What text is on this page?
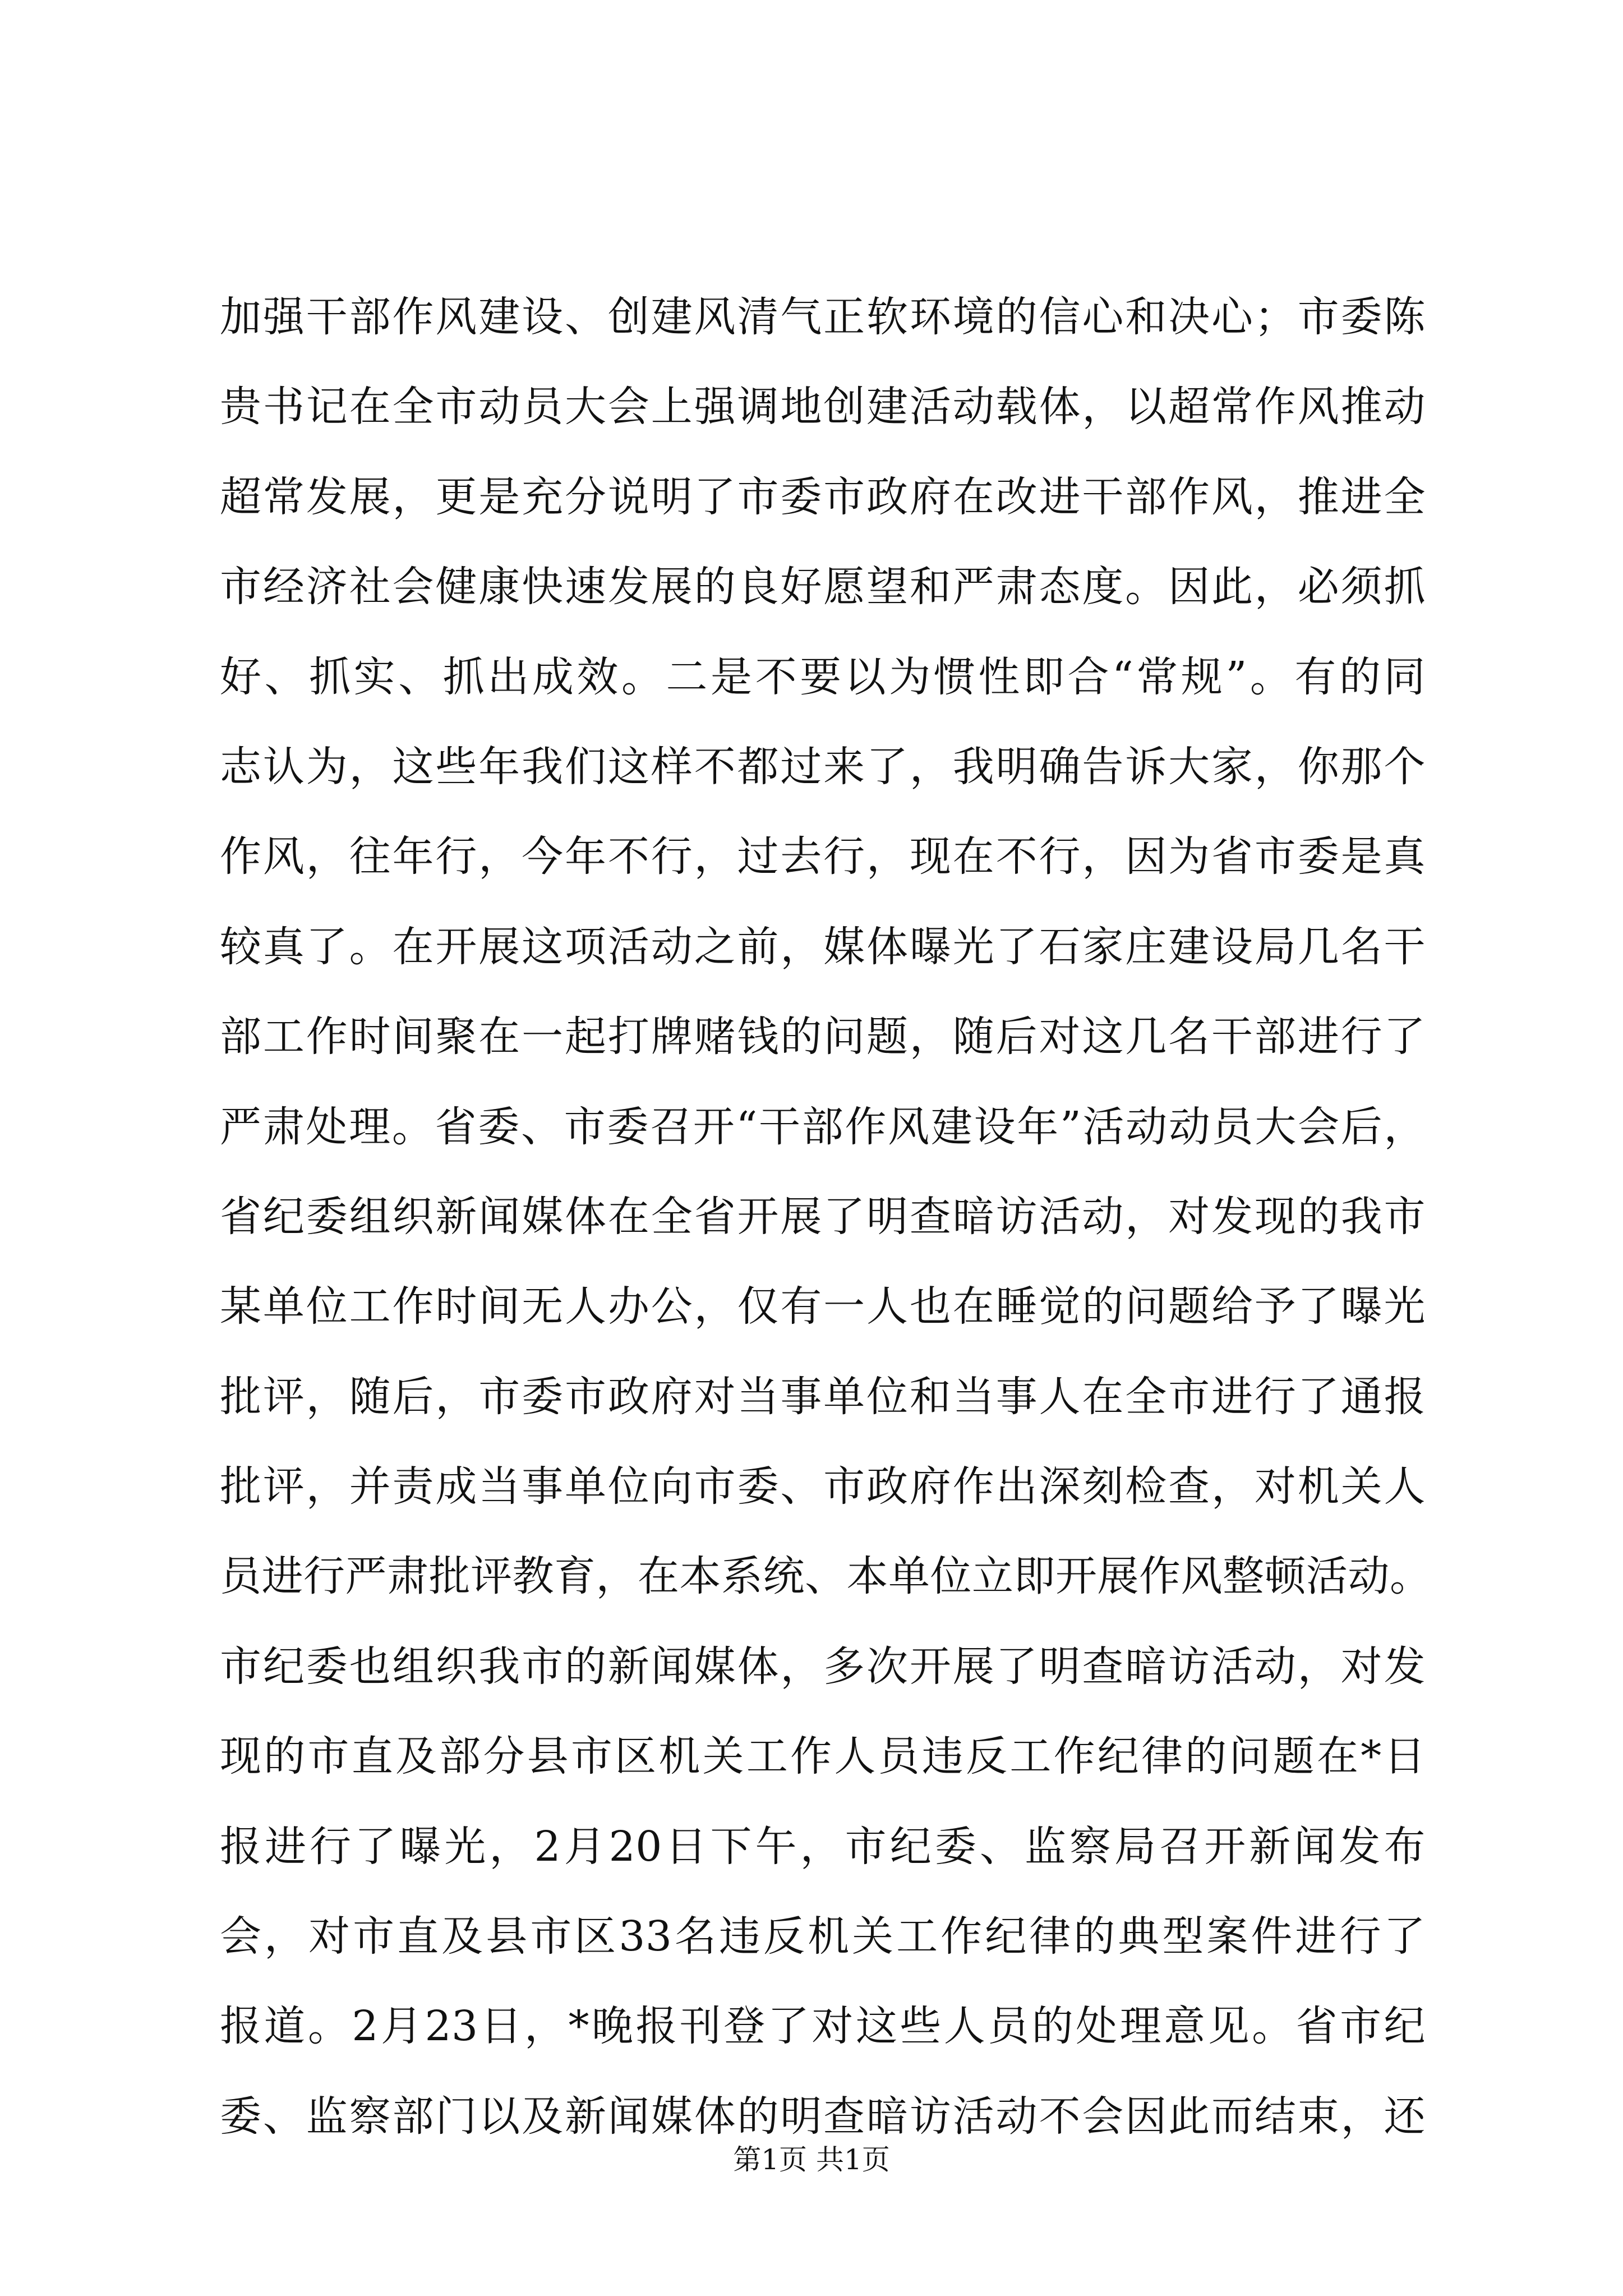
加强干部作风建设、创建风清气正软环境的信心和决心；市委陈
贵书记在全市动员大会上强调地创建活动载体，以超常作风推动
超常发展，更是充分说明了市委市政府在改进干部作风，推进全
市经济社会健康快速发展的良好愿望和严肃态度。因此，必须抓
好、抓实、抓出成效。二是不要以为惯性即合“常规”。有的同
志认为，这些年我们这样不都过来了，我明确告诉大家，你那个
作风，往年行，今年不行，过去行，现在不行，因为省市委是真
较真了。在开展这项活动之前，媒体曝光了石家庄建设局几名干
部工作时间聚在一起打牌赌钱的问题，随后对这几名干部进行了
严肃处理。省委、市委召开“干部作风建设年”活动动员大会后，
省纪委组织新闻媒体在全省开展了明查暗访活动，对发现的我市
某单位工作时间无人办公，仅有一人也在睡觉的问题给予了曝光
批评，随后，市委市政府对当事单位和当事人在全市进行了通报
批评，并责成当事单位向市委、市政府作出深刻检查，对机关人
员进行严肃批评教育，在本系统、本单位立即开展作风整顿活动。
市纪委也组织我市的新闻媒体，多次开展了明查暗访活动，对发
现的市直及部分县市区机关工作人员违反工作纪律的问题在*日
报进行了曝光，2月20日下午，市纪委、监察局召开新闻发布
会，对市直及县市区33名违反机关工作纪律的典型案件进行了
报道。2月23日，*晚报刊登了对这些人员的处理意见。省市纪
委、监察部门以及新闻媒体的明查暗访活动不会因此而结束，还
第1页 共1页
